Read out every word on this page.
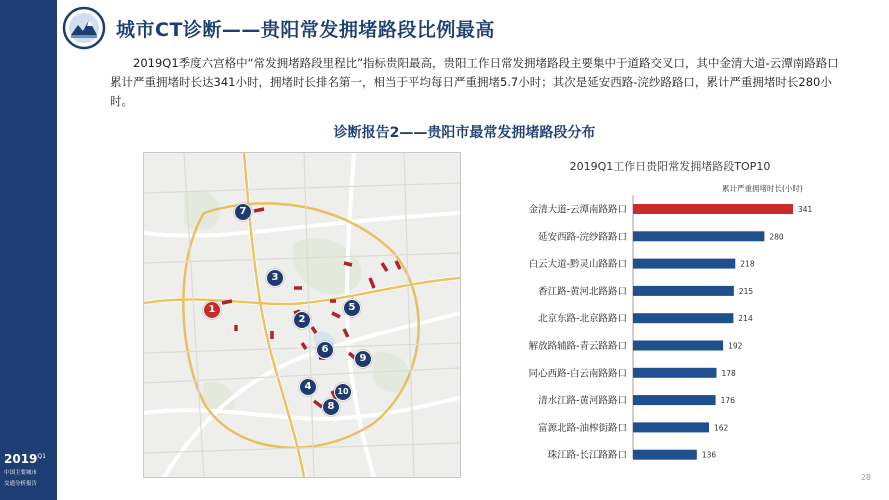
$2019^{Q1}$
中国主要城市
交通分析报告
城市CT诊断——贵阳常发拥堵路段比例最高
2019Q1季度六宫格中“常发拥堵路段里程比”指标贵阳最高，贵阳工作日常发拥堵路段主要集中于道路交叉口，其中金清大道-云潭南路路口累计严重拥堵时长达341小时，拥堵时长排名第一，相当于平均每日严重拥堵5.7小时；其次是延安西路-浣纱路路口，累计严重拥堵时长280小时。
诊断报告2——贵阳市最常发拥堵路段分布
1
2
3
4
5
6
7
8
9
10
2019Q1工作日贵阳常发拥堵路段TOP10
累计严重拥堵时长(小时)
金清大道-云潭南路路口	341
延安西路-浣纱路路口	280
白云大道-黔灵山路路口	218
香江路-黄河北路路口	215
北京东路-北京路路口	214
解放路辅路-青云路路口	192
同心西路-白云南路路口	178
清水江路-黄河路路口	176
富源北路-油榨街路口	162
珠江路-长江路路口	136
28
